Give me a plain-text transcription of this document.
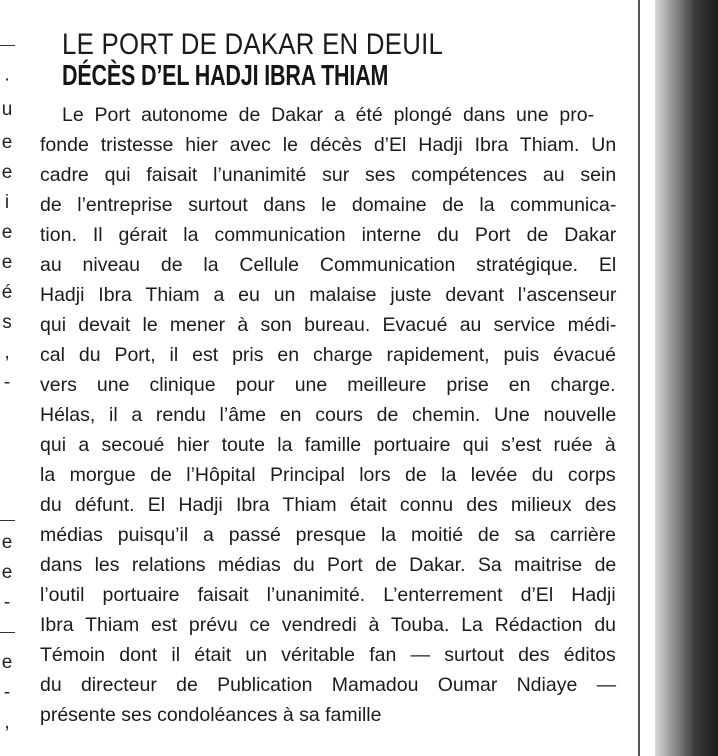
·
u
e
e
i
e
e
é
s
,
-
e
e
-
e
-
,
LE PORT DE DAKAR EN DEUIL
DÉCÈS D’EL HADJI IBRA THIAM
Le Port autonome de Dakar a été plongé dans une pro-
fonde tristesse hier avec le décès d’El Hadji Ibra Thiam. Un
cadre qui faisait l’unanimité sur ses compétences au sein
de l’entreprise surtout dans le domaine de la communica-
tion. Il gérait la communication interne du Port de Dakar
au niveau de la Cellule Communication stratégique. El
Hadji Ibra Thiam a eu un malaise juste devant l’ascenseur
qui devait le mener à son bureau. Evacué au service médi-
cal du Port, il est pris en charge rapidement, puis évacué
vers une clinique pour une meilleure prise en charge.
Hélas, il a rendu l’âme en cours de chemin. Une nouvelle
qui a secoué hier toute la famille portuaire qui s’est ruée à
la morgue de l’Hôpital Principal lors de la levée du corps
du défunt. El Hadji Ibra Thiam était connu des milieux des
médias puisqu’il a passé presque la moitié de sa carrière
dans les relations médias du Port de Dakar. Sa maitrise de
l’outil portuaire faisait l’unanimité. L’enterrement d’El Hadji
Ibra Thiam est prévu ce vendredi à Touba. La Rédaction du
Témoin dont il était un véritable fan — surtout des éditos
du directeur de Publication Mamadou Oumar Ndiaye —
présente ses condoléances à sa famille
